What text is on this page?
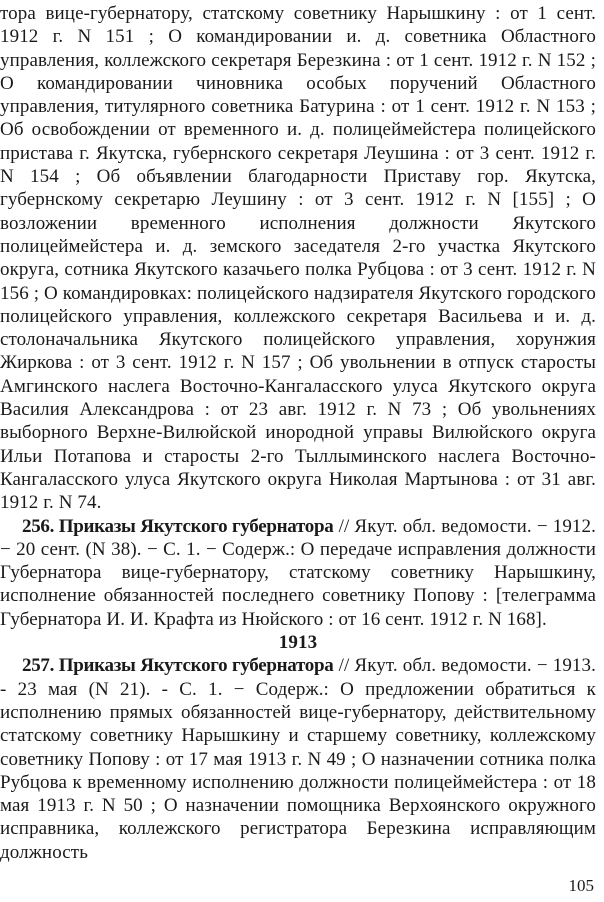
тора вице-губернатору, статскому советнику Нарышкину : от 1 сент. 1912 г. N 151 ; О командировании и. д. советника Областного управления, коллежского секретаря Березкина : от 1 сент. 1912 г. N 152 ; О командировании чиновника особых поручений Областного управления, титулярного советника Батурина : от 1 сент. 1912 г. N 153 ; Об освобождении от временного и. д. полицеймейстера полицейского пристава г. Якутска, губернского секретаря Леушина : от 3 сент. 1912 г. N 154 ; Об объявлении благодарности Приставу гор. Якутска, губернскому секретарю Леушину : от 3 сент. 1912 г. N [155] ; О возложении временного исполнения должности Якутского полицеймейстера и. д. земского заседателя 2-го участка Якутского округа, сотника Якутского казачьего полка Рубцова : от 3 сент. 1912 г. N 156 ; О командировках: полицейского надзирателя Якутского городского полицейского управления, коллежского секретаря Васильева и и. д. столоначальника Якутского полицейского управления, хорунжия Жиркова : от 3 сент. 1912 г. N 157 ; Об увольнении в отпуск старосты Амгинского наслега Восточно-Кангаласского улуса Якутского округа Василия Александрова : от 23 авг. 1912 г. N 73 ; Об увольнениях выборного Верхне-Вилюйской инородной управы Вилюйского округа Ильи Потапова и старосты 2-го Тыллыминского наслега Восточно-Кангаласского улуса Якутского округа Николая Мартынова : от 31 авг. 1912 г. N 74.

256. Приказы Якутского губернатора // Якут. обл. ведомости. − 1912. − 20 сент. (N 38). − С. 1. − Содерж.: О передаче исправления должности Губернатора вице-губернатору, статскому советнику Нарышкину, исполнение обязанностей последнего советнику Попову : [телеграмма Губернатора И. И. Крафта из Нюйского : от 16 сент. 1912 г. N 168].

1913

257. Приказы Якутского губернатора // Якут. обл. ведомости. − 1913. - 23 мая (N 21). - С. 1. − Содерж.: О предложении обратиться к исполнению прямых обязанностей вице-губернатору, действительному статскому советнику Нарышкину и старшему советнику, коллежскому советнику Попову : от 17 мая 1913 г. N 49 ; О назначении сотника полка Рубцова к временному исполнению должности полицеймейстера : от 18 мая 1913 г. N 50 ; О назначении помощника Верхоянского окружного исправника, коллежского регистратора Березкина исправляющим должность

105
